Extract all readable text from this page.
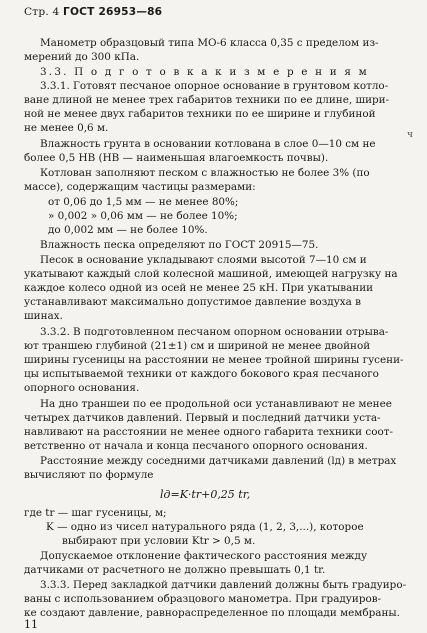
Стр. 4 ГОСТ 26953—86
Манометр образцовый типа МО-6 класса 0,35 с пределом из-
мерений до 300 кПа.
3.3. П о д г о т о в к а к и з м е р е н и я м
3.3.1. Готовят песчаное опорное основание в грунтовом котло-
ване длиной не менее трех габаритов техники по ее длине, шири-
ной не менее двух габаритов техники по ее ширине и глубиной
не менее 0,6 м.
Влажность грунта в основании котлована в слое 0—10 см не
более 0,5 HВ (НВ — наименьшая влагоемкость почвы).
Котлован заполняют песком с влажностью не более 3% (по
массе), содержащим частицы размерами:
от 0,06 до 1,5 мм — не менее 80%;
» 0,002 » 0,06 мм — не более 10%;
до 0,002 мм — не более 10%.
Влажность песка определяют по ГОСТ 20915—75.
Песок в основание укладывают слоями высотой 7—10 см и
укатывают каждый слой колесной машиной, имеющей нагрузку на
каждое колесо одной из осей не менее 25 кН. При укатывании
устанавливают максимально допустимое давление воздуха в
шинах.
3.3.2. В подготовленном песчаном опорном основании отрыва-
ют траншею глубиной (21±1) см и шириной не менее двойной
ширины гусеницы на расстоянии не менее тройной ширины гусени-
цы испытываемой техники от каждого бокового края песчаного
опорного основания.
На дно траншеи по ее продольной оси устанавливают не менее
четырех датчиков давлений. Первый и последний датчики уста-
навливают на расстоянии не менее одного габарита техники соот-
ветственно от начала и конца песчаного опорного основания.
Расстояние между соседними датчиками давлений (lд) в метрах
вычисляют по формуле
lд=K·tr+0,25 tr,
где tr — шаг гусеницы, м;
K — одно из чисел натурального ряда (1, 2, 3,...), которое
выбирают при условии Ktr > 0,5 м.
Допускаемое отклонение фактического расстояния между
датчиками от расчетного не должно превышать 0,1 tr.
3.3.3. Перед закладкой датчики давлений должны быть градуиро-
ваны с использованием образцового манометра. При градуиров-
ке создают давление, равнораспределенное по площади мембраны.
ч
11
